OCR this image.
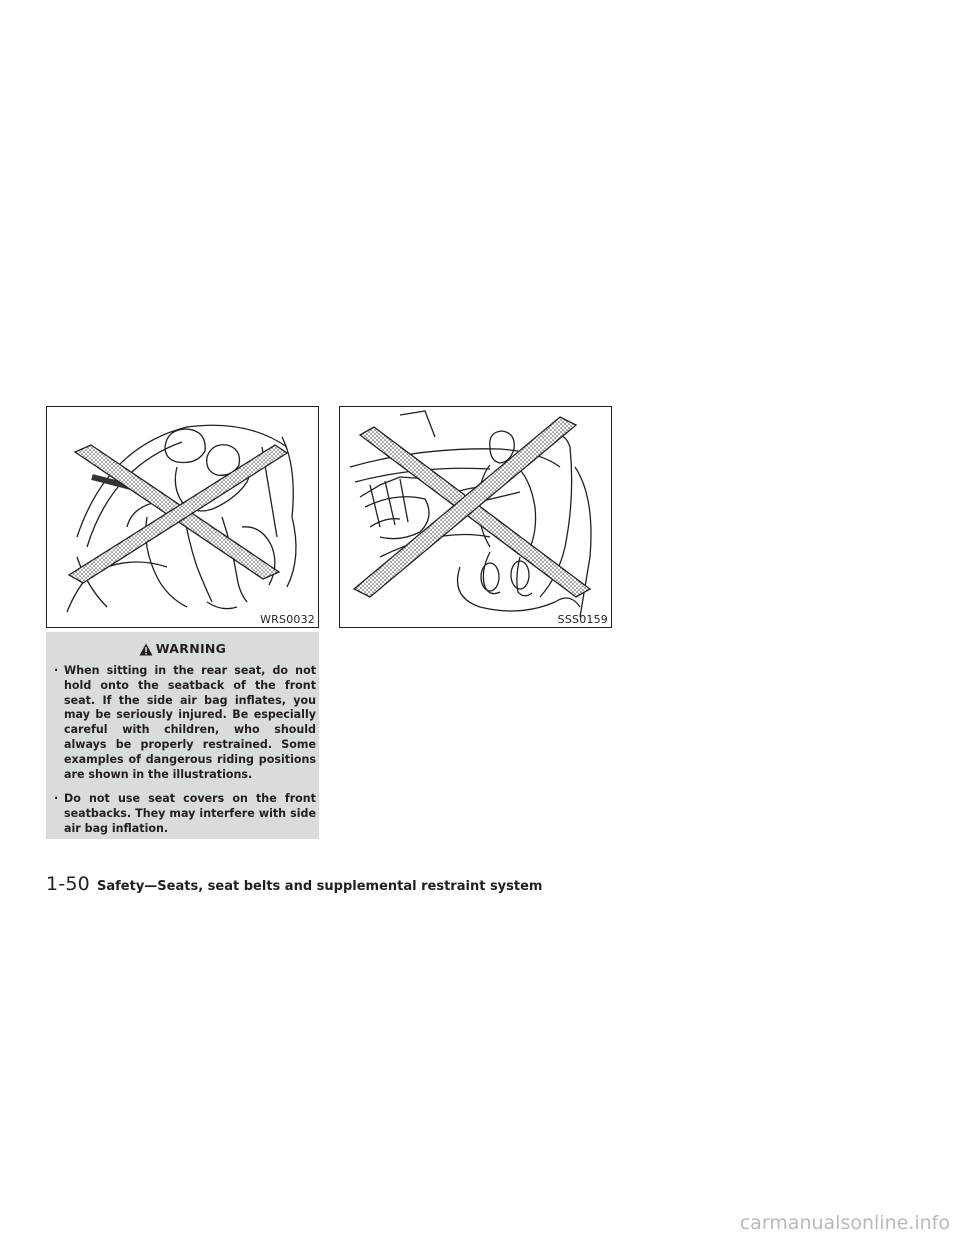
WRS0032	SSS0159
WARNING
· When sitting in the rear seat, do not hold onto the seatback of the front seat. If the side air bag inflates, you may be seriously injured. Be especially careful with children, who should always be properly restrained. Some examples of dangerous riding positions are shown in the illustrations.
· Do not use seat covers on the front seatbacks. They may interfere with side air bag inflation.
1-50 Safety—Seats, seat belts and supplemental restraint system
carmanualsonline.info
